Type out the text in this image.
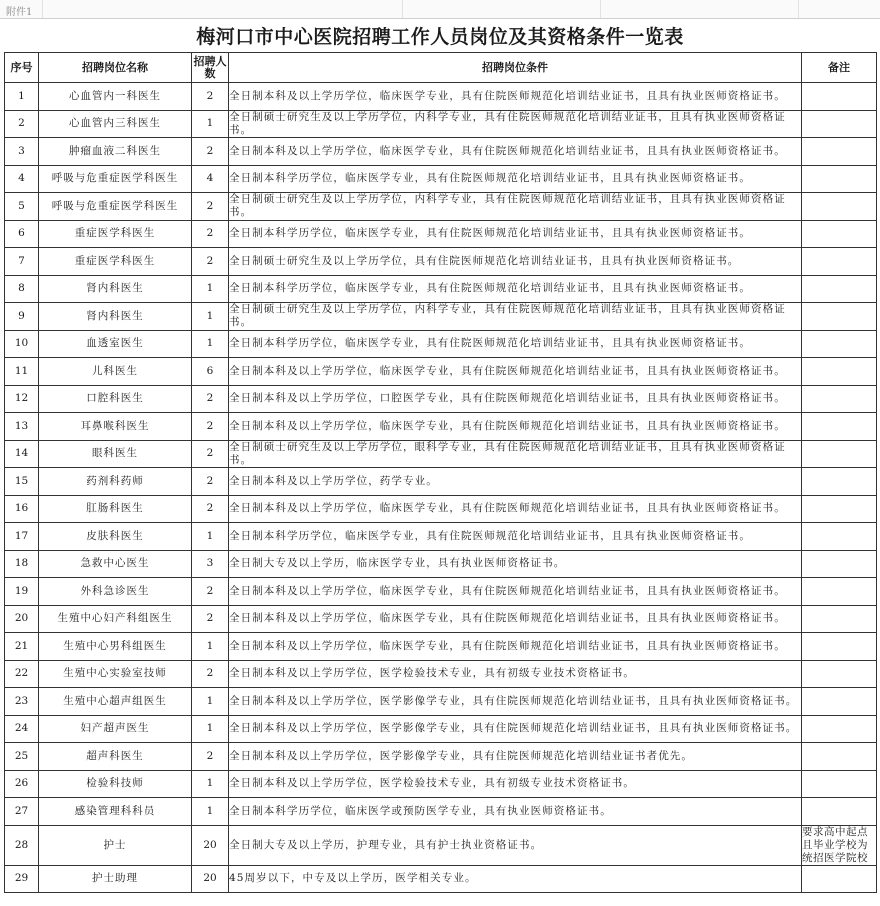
附件1
梅河口市中心医院招聘工作人员岗位及其资格条件一览表
序号	招聘岗位名称	招聘人数	招聘岗位条件	备注
1	心血管内一科医生	2	全日制本科及以上学历学位，临床医学专业，具有住院医师规范化培训结业证书，且具有执业医师资格证书。	
2	心血管内三科医生	1	全日制硕士研究生及以上学历学位，内科学专业，具有住院医师规范化培训结业证书，且具有执业医师资格证书。	
3	肿瘤血液二科医生	2	全日制本科及以上学历学位，临床医学专业，具有住院医师规范化培训结业证书，且具有执业医师资格证书。	
4	呼吸与危重症医学科医生	4	全日制本科学历学位，临床医学专业，具有住院医师规范化培训结业证书，且具有执业医师资格证书。	
5	呼吸与危重症医学科医生	2	全日制硕士研究生及以上学历学位，内科学专业，具有住院医师规范化培训结业证书，且具有执业医师资格证书。	
6	重症医学科医生	2	全日制本科学历学位，临床医学专业，具有住院医师规范化培训结业证书，且具有执业医师资格证书。	
7	重症医学科医生	2	全日制硕士研究生及以上学历学位，具有住院医师规范化培训结业证书，且具有执业医师资格证书。	
8	肾内科医生	1	全日制本科学历学位，临床医学专业，具有住院医师规范化培训结业证书，且具有执业医师资格证书。	
9	肾内科医生	1	全日制硕士研究生及以上学历学位，内科学专业，具有住院医师规范化培训结业证书，且具有执业医师资格证书。	
10	血透室医生	1	全日制本科学历学位，临床医学专业，具有住院医师规范化培训结业证书，且具有执业医师资格证书。	
11	儿科医生	6	全日制本科及以上学历学位，临床医学专业，具有住院医师规范化培训结业证书，且具有执业医师资格证书。	
12	口腔科医生	2	全日制本科及以上学历学位，口腔医学专业，具有住院医师规范化培训结业证书，且具有执业医师资格证书。	
13	耳鼻喉科医生	2	全日制本科及以上学历学位，临床医学专业，具有住院医师规范化培训结业证书，且具有执业医师资格证书。	
14	眼科医生	2	全日制硕士研究生及以上学历学位，眼科学专业，具有住院医师规范化培训结业证书，且具有执业医师资格证书。	
15	药剂科药师	2	全日制本科及以上学历学位，药学专业。	
16	肛肠科医生	2	全日制本科及以上学历学位，临床医学专业，具有住院医师规范化培训结业证书，且具有执业医师资格证书。	
17	皮肤科医生	1	全日制本科学历学位，临床医学专业，具有住院医师规范化培训结业证书，且具有执业医师资格证书。	
18	急救中心医生	3	全日制大专及以上学历，临床医学专业，具有执业医师资格证书。	
19	外科急诊医生	2	全日制本科及以上学历学位，临床医学专业，具有住院医师规范化培训结业证书，且具有执业医师资格证书。	
20	生殖中心妇产科组医生	2	全日制本科及以上学历学位，临床医学专业，具有住院医师规范化培训结业证书，且具有执业医师资格证书。	
21	生殖中心男科组医生	1	全日制本科及以上学历学位，临床医学专业，具有住院医师规范化培训结业证书，且具有执业医师资格证书。	
22	生殖中心实验室技师	2	全日制本科及以上学历学位，医学检验技术专业，具有初级专业技术资格证书。	
23	生殖中心超声组医生	1	全日制本科及以上学历学位，医学影像学专业，具有住院医师规范化培训结业证书，且具有执业医师资格证书。	
24	妇产超声医生	1	全日制本科及以上学历学位，医学影像学专业，具有住院医师规范化培训结业证书，且具有执业医师资格证书。	
25	超声科医生	2	全日制本科及以上学历学位，医学影像学专业，具有住院医师规范化培训结业证书者优先。	
26	检验科技师	1	全日制本科及以上学历学位，医学检验技术专业，具有初级专业技术资格证书。	
27	感染管理科科员	1	全日制本科学历学位，临床医学或预防医学专业，具有执业医师资格证书。	
28	护士	20	全日制大专及以上学历，护理专业，具有护士执业资格证书。	要求高中起点且毕业学校为统招医学院校
29	护士助理	20	45周岁以下，中专及以上学历，医学相关专业。	
